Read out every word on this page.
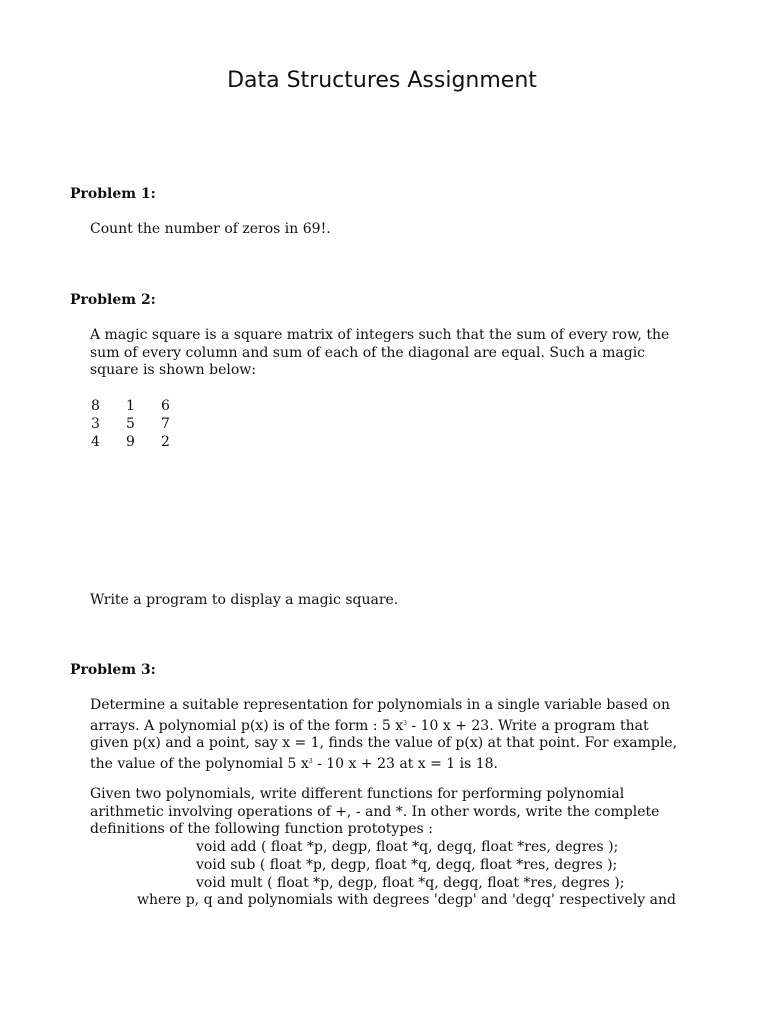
Data Structures Assignment

Problem 1:

Count the number of zeros in 69!.

Problem 2:

A magic square is a square matrix of integers such that the sum of every row, the
sum of every column and sum of each of the diagonal are equal. Such a magic
square is shown below:

8	1	6
3	5	7
4	9	2

Write a program to display a magic square.

Problem 3:

Determine a suitable representation for polynomials in a single variable based on
arrays. A polynomial p(x) is of the form : 5 $x^3 - 10$ x + 23. Write a program that
given p(x) and a point, say x = 1, finds the value of p(x) at that point. For example,
the value of the polynomial 5 $x^3 - 10$ x + 23 at x = 1 is 18.

Given two polynomials, write different functions for performing polynomial
arithmetic involving operations of +, - and *. In other words, write the complete
definitions of the following function prototypes :

void add ( float *p, degp, float *q, degq, float *res, degres );
void sub ( float *p, degp, float *q, degq, float *res, degres );
void mult ( float *p, degp, float *q, degq, float *res, degres );
where p, q and polynomials with degrees 'degp' and 'degq' respectively and
